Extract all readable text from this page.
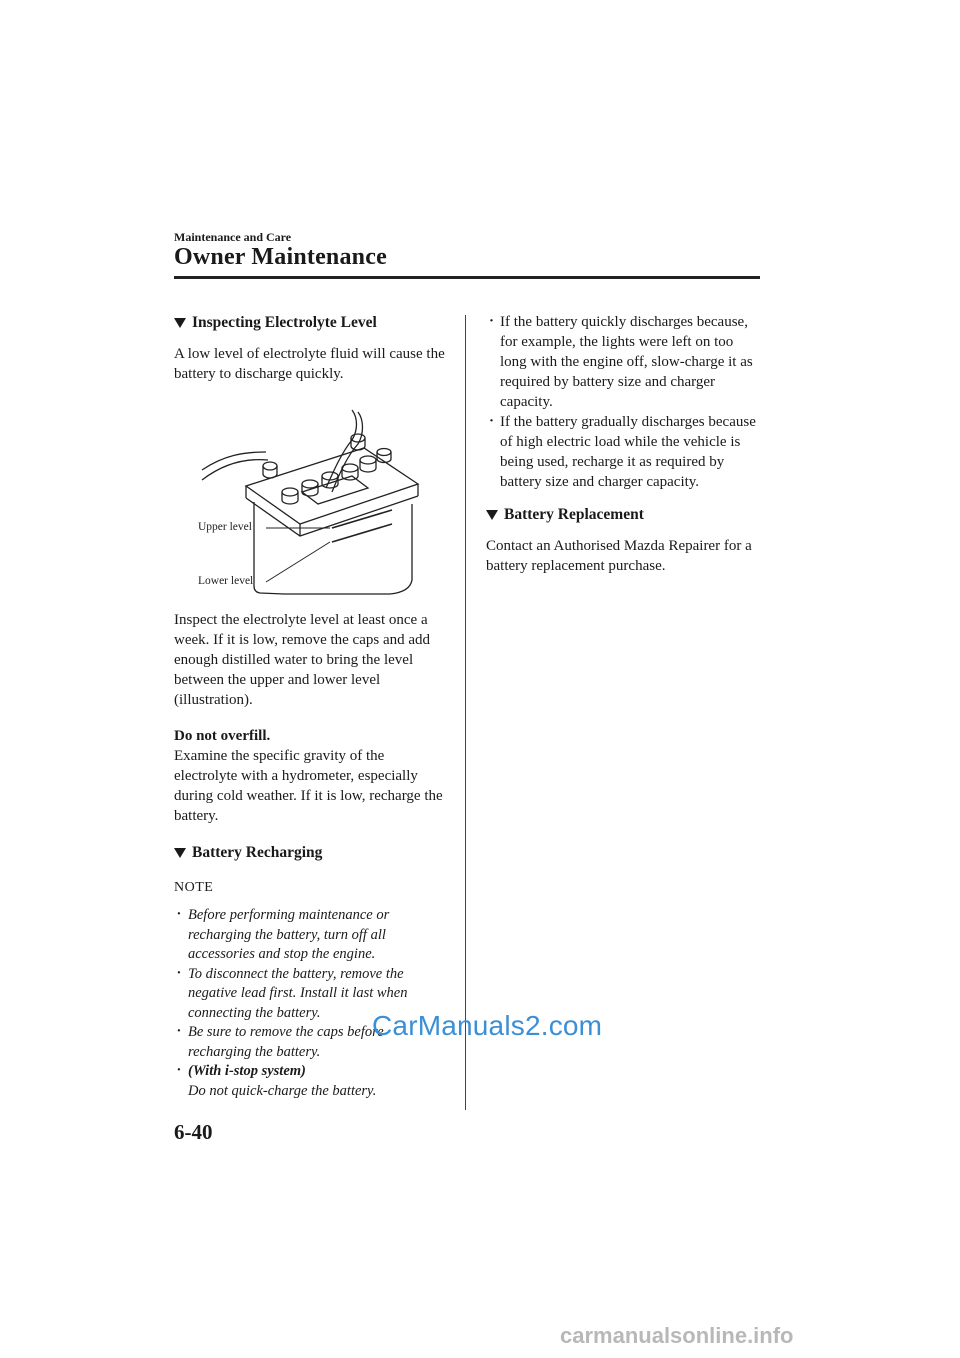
Maintenance and Care
Owner Maintenance
Inspecting Electrolyte Level

A low level of electrolyte fluid will cause the battery to discharge quickly.

Upper level
Lower level

Inspect the electrolyte level at least once a week. If it is low, remove the caps and add enough distilled water to bring the level between the upper and lower level (illustration).

Do not overfill.
Examine the specific gravity of the electrolyte with a hydrometer, especially during cold weather. If it is low, recharge the battery.

Battery Recharging
NOTE
· Before performing maintenance or recharging the battery, turn off all accessories and stop the engine.
· To disconnect the battery, remove the negative lead first. Install it last when connecting the battery.
· Be sure to remove the caps before recharging the battery.
· (With i-stop system)
Do not quick-charge the battery.
· If the battery quickly discharges because, for example, the lights were left on too long with the engine off, slow-charge it as required by battery size and charger capacity.
· If the battery gradually discharges because of high electric load while the vehicle is being used, recharge it as required by battery size and charger capacity.
Battery Replacement

Contact an Authorised Mazda Repairer for a battery replacement purchase.

CarManuals2.com
6-40
carmanualsonline.info
